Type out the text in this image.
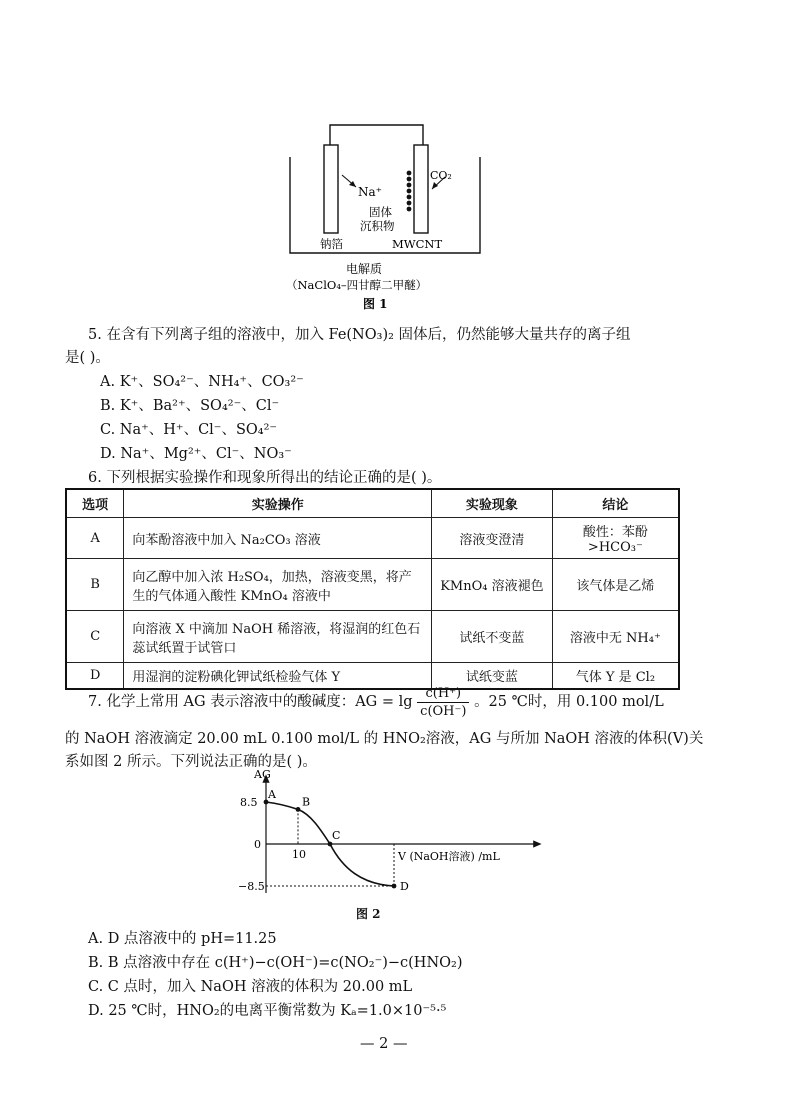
Na⁺
CO₂
固体
沉积物
钠箔	MWCNT
电解质
（NaClO₄–四甘醇二甲醚）
图 1
5. 在含有下列离子组的溶液中，加入 Fe(NO₃)₂ 固体后，仍然能够大量共存的离子组
是( )。
A. K⁺、SO₄²⁻、NH₄⁺、CO₃²⁻
B. K⁺、Ba²⁺、SO₄²⁻、Cl⁻
C. Na⁺、H⁺、Cl⁻、SO₄²⁻
D. Na⁺、Mg²⁺、Cl⁻、NO₃⁻
6. 下列根据实验操作和现象所得出的结论正确的是( )。
选项	实验操作	实验现象	结论
A	向苯酚溶液中加入 Na₂CO₃ 溶液	溶液变澄清	酸性：苯酚>HCO₃⁻
B	向乙醇中加入浓 H₂SO₄，加热，溶液变黑，将产生的气体通入酸性 KMnO₄ 溶液中	KMnO₄ 溶液褪色	该气体是乙烯
C	向溶液 X 中滴加 NaOH 稀溶液，将湿润的红色石蕊试纸置于试管口	试纸不变蓝	溶液中无 NH₄⁺
D	用湿润的淀粉碘化钾试纸检验气体 Y	试纸变蓝	气体 Y 是 Cl₂
7. 化学上常用 AG 表示溶液中的酸碱度：AG = $\lg \frac{c(H^+)}{c(OH^-)}$ 。25 ℃时，用 0.100 mol/L
的 NaOH 溶液滴定 20.00 mL 0.100 mol/L 的 HNO₂溶液，AG 与所加 NaOH 溶液的体积(V)关
系如图 2 所示。下列说法正确的是( )。
AG
V (NaOH溶液) /mL
8.5
0
−8.5
10
A
B
C
D
图 2
A. D 点溶液中的 pH=11.25
B. B 点溶液中存在 c(H⁺)−c(OH⁻)=c(NO₂⁻)−c(HNO₂)
C. C 点时，加入 NaOH 溶液的体积为 20.00 mL
D. 25 ℃时，HNO₂的电离平衡常数为 Kₐ=1.0×10⁻⁵·⁵
— 2 —
